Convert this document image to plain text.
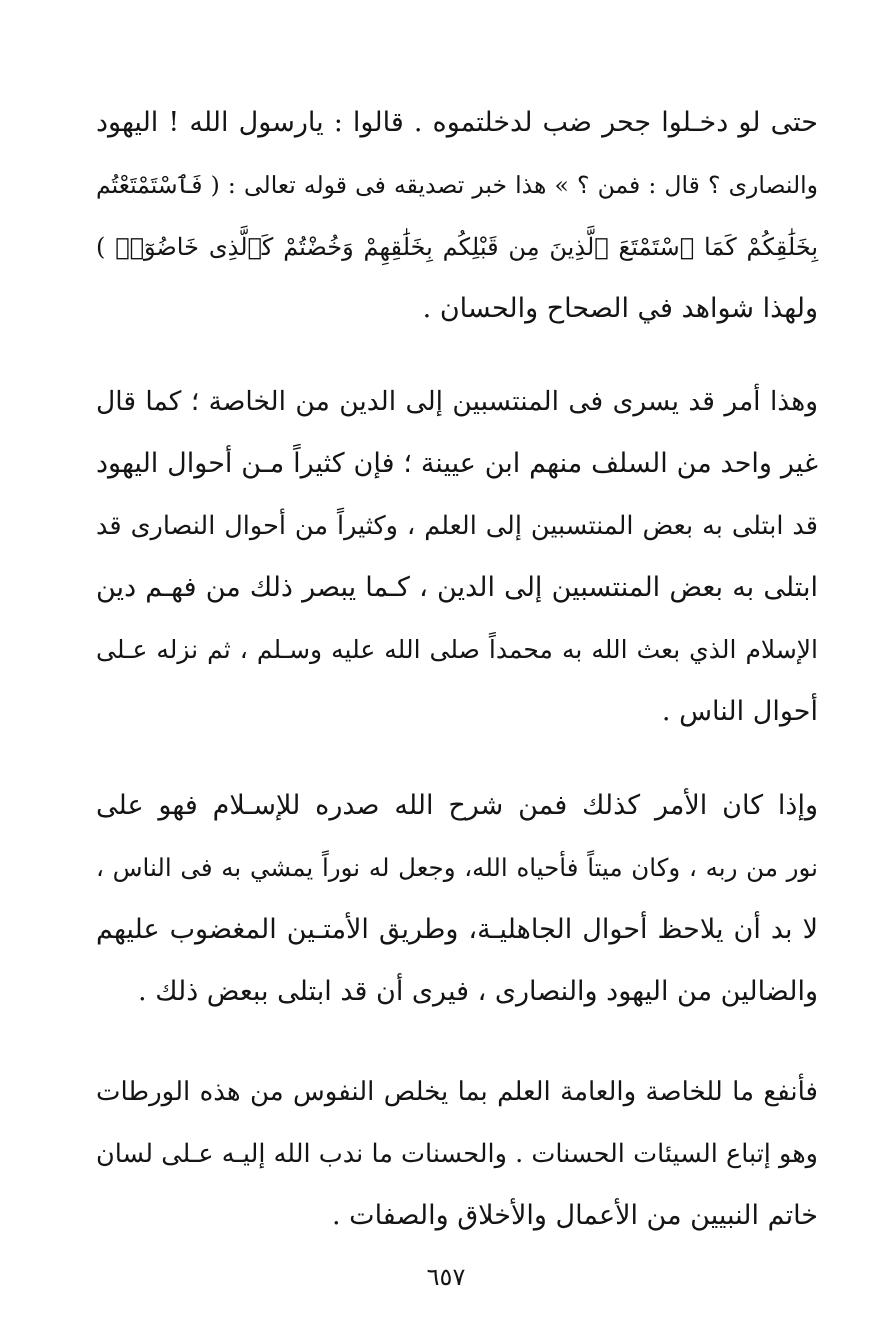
حتى لو دخـلوا جحر ضب لدخلتموه . قالوا : يارسول الله ! اليهود
والنصارى ؟ قال : فمن ؟ » هذا خبر تصديقه فى قوله تعالى : ( فَٱسْتَمْتَعْتُم
بِخَلَٰقِكُمْ كَمَا ٱسْتَمْتَعَ ٱلَّذِينَ مِن قَبْلِكُم بِخَلَٰقِهِمْ وَخُضْتُمْ كَٱلَّذِى خَاضُوٓا۟ )
ولهذا شواهد في الصحاح والحسان .
وهذا أمر قد يسرى فى المنتسبين إلى الدين من الخاصة ؛ كما قال
غير واحد من السلف منهم ابن عيينة ؛ فإن كثيراً مـن أحوال اليهود
قد ابتلى به بعض المنتسبين إلى العلم ، وكثيراً من أحوال النصارى قد
ابتلى به بعض المنتسبين إلى الدين ، كـما يبصر ذلك من فهـم دين
الإسلام الذي بعث الله به محمداً صلى الله عليه وسـلم ، ثم نزله عـلى
أحوال الناس .
وإذا كان الأمر كذلك فمن شرح الله صدره للإسـلام فهو على
نور من ربه ، وكان ميتاً فأحياه الله، وجعل له نوراً يمشي به فى الناس ،
لا بد أن يلاحظ أحوال الجاهليـة، وطريق الأمتـين المغضوب عليهم
والضالين من اليهود والنصارى ، فيرى أن قد ابتلى ببعض ذلك .
فأنفع ما للخاصة والعامة العلم بما يخلص النفوس من هذه الورطات
وهو إتباع السيئات الحسنات . والحسنات ما ندب الله إليـه عـلى لسان
خاتم النبيين من الأعمال والأخلاق والصفات .
٦٥٧
